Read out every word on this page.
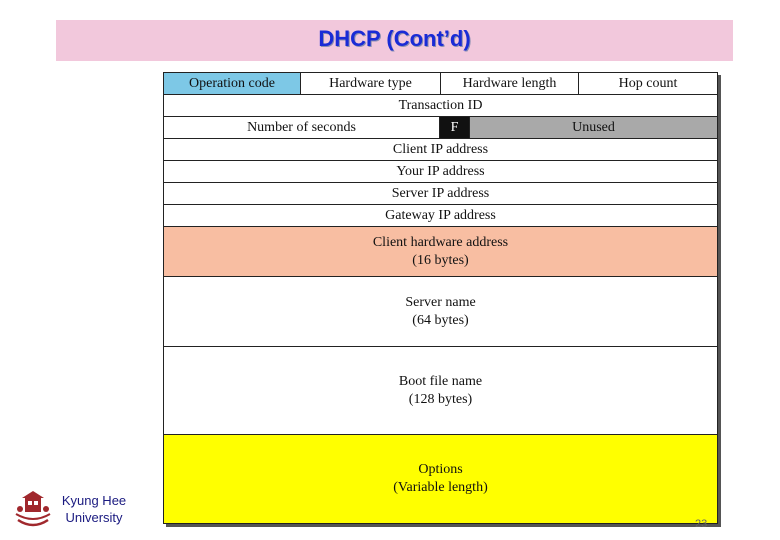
DHCP (Cont’d)
Operation code	Hardware type	Hardware length	Hop count
Transaction ID
Number of seconds	F	Unused
Client IP address
Your IP address
Server IP address
Gateway IP address
Client hardware address
(16 bytes)
Server name
(64 bytes)
Boot file name
(128 bytes)
Options
(Variable length)
Kyung Hee
University	23
